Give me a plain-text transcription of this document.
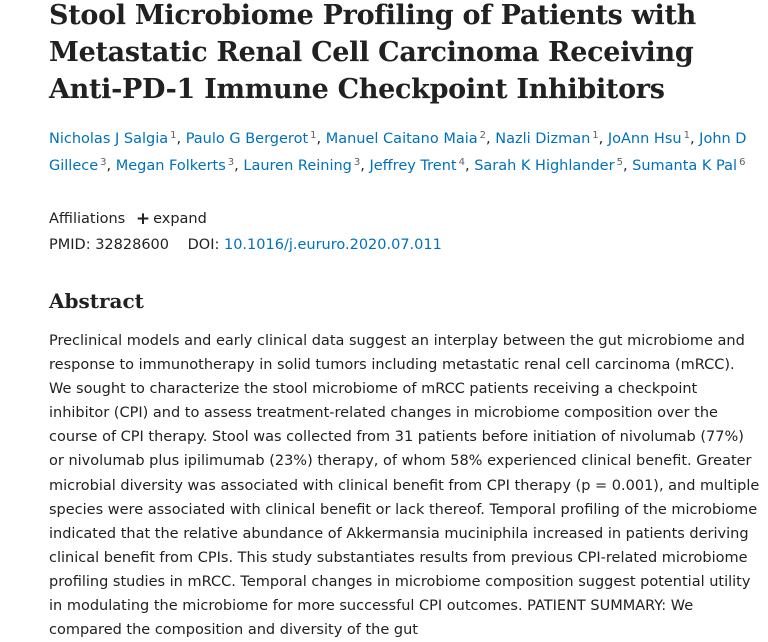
Stool Microbiome Profiling of Patients with Metastatic Renal Cell Carcinoma Receiving Anti-PD-1 Immune Checkpoint Inhibitors
Nicholas J Salgia $^1$, Paulo G Bergerot $^1$, Manuel Caitano Maia $^2$, Nazli Dizman $^1$, JoAnn Hsu $^1$, John D Gillece $^3$, Megan Folkerts $^3$, Lauren Reining $^3$, Jeffrey Trent $^4$, Sarah K Highlander $^5$, Sumanta K Pal $^6$
Affiliations + expand
PMID: 32828600 DOI: 10.1016/j.eururo.2020.07.011
Abstract

Preclinical models and early clinical data suggest an interplay between the gut microbiome and response to immunotherapy in solid tumors including metastatic renal cell carcinoma (mRCC). We sought to characterize the stool microbiome of mRCC patients receiving a checkpoint inhibitor (CPI) and to assess treatment-related changes in microbiome composition over the course of CPI therapy. Stool was collected from 31 patients before initiation of nivolumab (77%) or nivolumab plus ipilimumab (23%) therapy, of whom 58% experienced clinical benefit. Greater microbial diversity was associated with clinical benefit from CPI therapy (p = 0.001), and multiple species were associated with clinical benefit or lack thereof. Temporal profiling of the microbiome indicated that the relative abundance of Akkermansia muciniphila increased in patients deriving clinical benefit from CPIs. This study substantiates results from previous CPI-related microbiome profiling studies in mRCC. Temporal changes in microbiome composition suggest potential utility in modulating the microbiome for more successful CPI outcomes. PATIENT SUMMARY: We compared the composition and diversity of the gut
